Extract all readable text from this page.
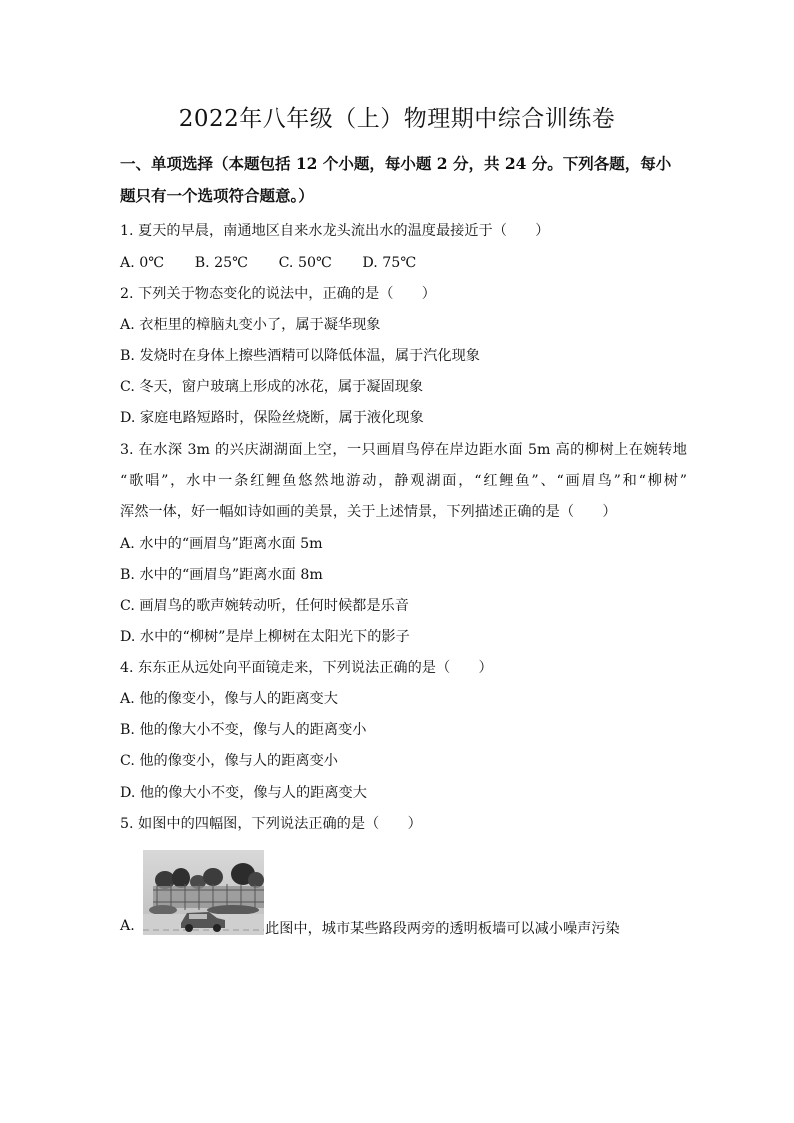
2022年八年级（上）物理期中综合训练卷
一、单项选择（本题包括 12 个小题，每小题 2 分，共 24 分。下列各题，每小
题只有一个选项符合题意。）
1. 夏天的早晨，南通地区自来水龙头流出水的温度最接近于（　　）
A. 0℃ B. 25℃ C. 50℃ D. 75℃
2. 下列关于物态变化的说法中，正确的是（　　）
A. 衣柜里的樟脑丸变小了，属于凝华现象
B. 发烧时在身体上擦些酒精可以降低体温，属于汽化现象
C. 冬天，窗户玻璃上形成的冰花，属于凝固现象
D. 家庭电路短路时，保险丝烧断，属于液化现象
3. 在水深 3m 的兴庆湖湖面上空，一只画眉鸟停在岸边距水面 5m 高的柳树上在婉转地
“歌唱”，水中一条红鲤鱼悠然地游动，静观湖面，“红鲤鱼”、“画眉鸟”和“柳树”
浑然一体，好一幅如诗如画的美景，关于上述情景，下列描述正确的是（　　）
A. 水中的“画眉鸟”距离水面 5m
B. 水中的“画眉鸟”距离水面 8m
C. 画眉鸟的歌声婉转动听，任何时候都是乐音
D. 水中的“柳树”是岸上柳树在太阳光下的影子
4. 东东正从远处向平面镜走来，下列说法正确的是（　　）
A. 他的像变小，像与人的距离变大
B. 他的像大小不变，像与人的距离变小
C. 他的像变小，像与人的距离变小
D. 他的像大小不变，像与人的距离变大
5. 如图中的四幅图，下列说法正确的是（　　）
A.	此图中，城市某些路段两旁的透明板墙可以减小噪声污染
